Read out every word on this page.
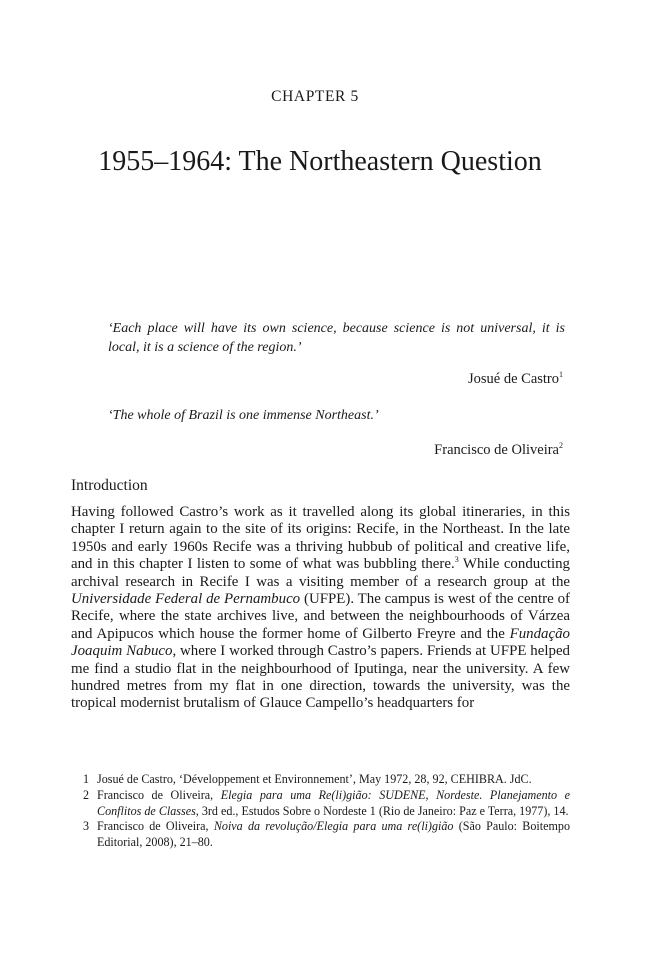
CHAPTER 5
1955–1964: The Northeastern Question

‘Each place will have its own science, because science is not universal, it is local, it is a science of the region.’

Josué de Castro$^1$

‘The whole of Brazil is one immense Northeast.’

Francisco de Oliveira$^2$

Introduction

Having followed Castro’s work as it travelled along its global itineraries, in this chapter I return again to the site of its origins: Recife, in the Northeast. In the late 1950s and early 1960s Recife was a thriving hubbub of political and creative life, and in this chapter I listen to some of what was bubbling there.$^3$ While conducting archival research in Recife I was a visiting member of a research group at the Universidade Federal de Pernambuco (UFPE). The campus is west of the centre of Recife, where the state archives live, and between the neighbourhoods of Várzea and Apipucos which house the former home of Gilberto Freyre and the Fundação Joaquim Nabuco, where I worked through Castro’s papers. Friends at UFPE helped me find a studio flat in the neighbourhood of Iputinga, near the university. A few hundred metres from my flat in one direction, towards the university, was the tropical modernist brutalism of Glauce Campello’s headquarters for

1 Josué de Castro, ‘Développement et Environnement’, May 1972, 28, 92, CEHIBRA. JdC.
2 Francisco de Oliveira, Elegia para uma Re(li)gião: SUDENE, Nordeste. Planejamento e Conflitos de Classes, 3rd ed., Estudos Sobre o Nordeste 1 (Rio de Janeiro: Paz e Terra, 1977), 14.
3 Francisco de Oliveira, Noiva da revolução/Elegia para uma re(li)gião (São Paulo: Boitempo Editorial, 2008), 21–80.
